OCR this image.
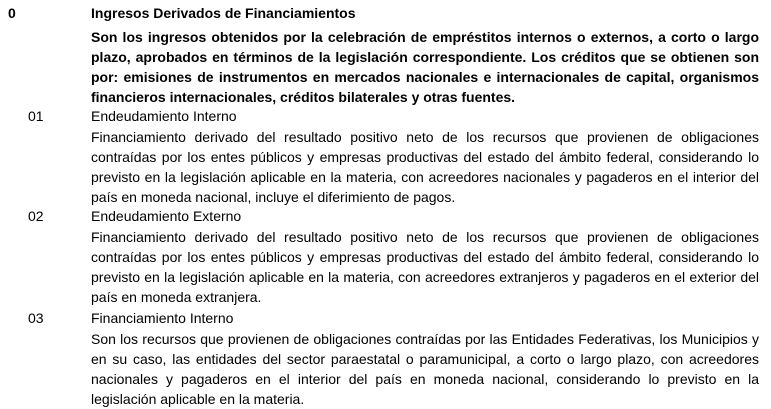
0	Ingresos Derivados de Financiamientos

Son los ingresos obtenidos por la celebración de empréstitos internos o externos, a corto o largo plazo, aprobados en términos de la legislación correspondiente. Los créditos que se obtienen son por: emisiones de instrumentos en mercados nacionales e internacionales de capital, organismos financieros internacionales, créditos bilaterales y otras fuentes.

01	Endeudamiento Interno

Financiamiento derivado del resultado positivo neto de los recursos que provienen de obligaciones contraídas por los entes públicos y empresas productivas del estado del ámbito federal, considerando lo previsto en la legislación aplicable en la materia, con acreedores nacionales y pagaderos en el interior del país en moneda nacional, incluye el diferimiento de pagos.

02	Endeudamiento Externo

Financiamiento derivado del resultado positivo neto de los recursos que provienen de obligaciones contraídas por los entes públicos y empresas productivas del estado del ámbito federal, considerando lo previsto en la legislación aplicable en la materia, con acreedores extranjeros y pagaderos en el exterior del país en moneda extranjera.

03	Financiamiento Interno

Son los recursos que provienen de obligaciones contraídas por las Entidades Federativas, los Municipios y en su caso, las entidades del sector paraestatal o paramunicipal, a corto o largo plazo, con acreedores nacionales y pagaderos en el interior del país en moneda nacional, considerando lo previsto en la legislación aplicable en la materia.
